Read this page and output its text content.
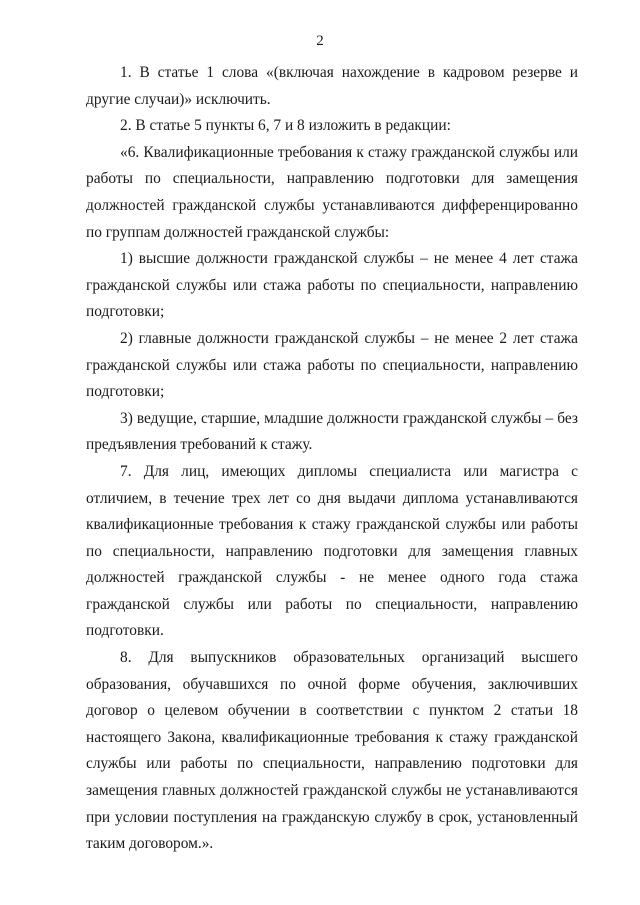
2

1. В статье 1 слова «(включая нахождение в кадровом резерве и другие случаи)» исключить.

2. В статье 5 пункты 6, 7 и 8 изложить в редакции:

«6. Квалификационные требования к стажу гражданской службы или работы по специальности, направлению подготовки для замещения должностей гражданской службы устанавливаются дифференцированно по группам должностей гражданской службы:

1) высшие должности гражданской службы – не менее 4 лет стажа гражданской службы или стажа работы по специальности, направлению подготовки;

2) главные должности гражданской службы – не менее 2 лет стажа гражданской службы или стажа работы по специальности, направлению подготовки;

3) ведущие, старшие, младшие должности гражданской службы – без предъявления требований к стажу.

7. Для лиц, имеющих дипломы специалиста или магистра с отличием, в течение трех лет со дня выдачи диплома устанавливаются квалификационные требования к стажу гражданской службы или работы по специальности, направлению подготовки для замещения главных должностей гражданской службы - не менее одного года стажа гражданской службы или работы по специальности, направлению подготовки.

8. Для выпускников образовательных организаций высшего образования, обучавшихся по очной форме обучения, заключивших договор о целевом обучении в соответствии с пунктом 2 статьи 18 настоящего Закона, квалификационные требования к стажу гражданской службы или работы по специальности, направлению подготовки для замещения главных должностей гражданской службы не устанавливаются при условии поступления на гражданскую службу в срок, установленный таким договором.».
